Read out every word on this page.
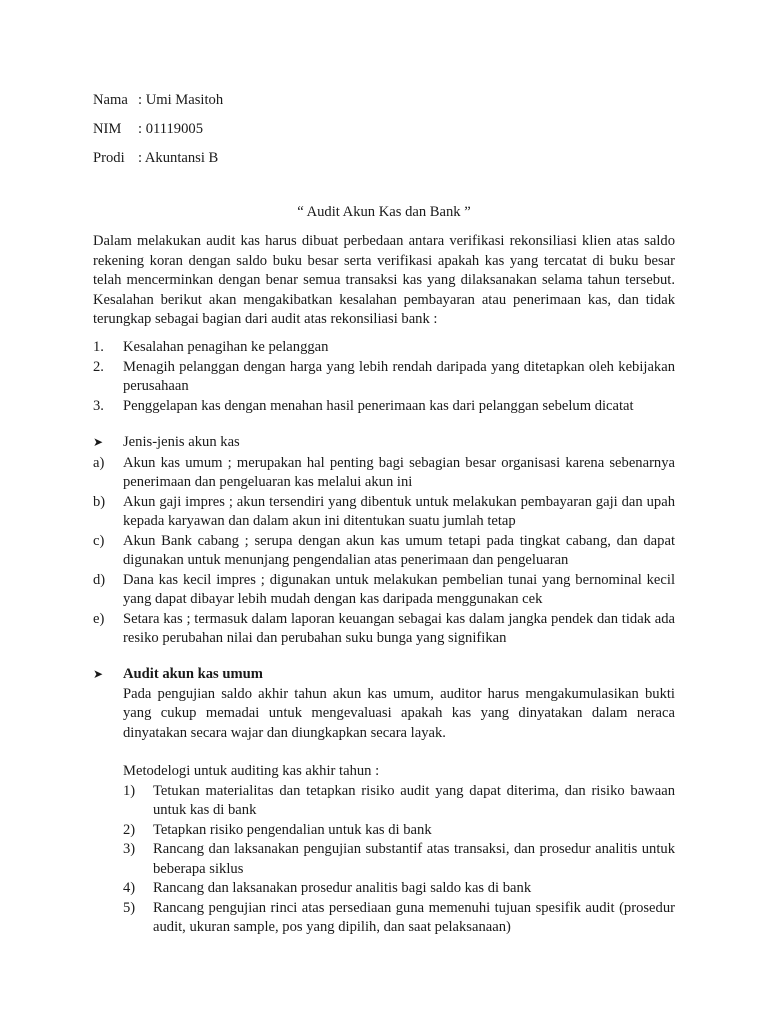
Nama : Umi Masitoh
NIM	: 01119005
Prodi : Akuntansi B
“ Audit Akun Kas dan Bank ”

Dalam melakukan audit kas harus dibuat perbedaan antara verifikasi rekonsiliasi klien atas saldo rekening koran dengan saldo buku besar serta verifikasi apakah kas yang tercatat di buku besar telah mencerminkan dengan benar semua transaksi kas yang dilaksanakan selama tahun tersebut. Kesalahan berikut akan mengakibatkan kesalahan pembayaran atau penerimaan kas, dan tidak terungkap sebagai bagian dari audit atas rekonsiliasi bank :

1.	Kesalahan penagihan ke pelanggan
2.	Menagih pelanggan dengan harga yang lebih rendah daripada yang ditetapkan oleh kebijakan perusahaan
3.	Penggelapan kas dengan menahan hasil penerimaan kas dari pelanggan sebelum dicatat
➤	Jenis-jenis akun kas
a)	Akun kas umum ; merupakan hal penting bagi sebagian besar organisasi karena sebenarnya penerimaan dan pengeluaran kas melalui akun ini
b)	Akun gaji impres ; akun tersendiri yang dibentuk untuk melakukan pembayaran gaji dan upah kepada karyawan dan dalam akun ini ditentukan suatu jumlah tetap
c)	Akun Bank cabang ; serupa dengan akun kas umum tetapi pada tingkat cabang, dan dapat digunakan untuk menunjang pengendalian atas penerimaan dan pengeluaran
d)	Dana kas kecil impres ; digunakan untuk melakukan pembelian tunai yang bernominal kecil yang dapat dibayar lebih mudah dengan kas daripada menggunakan cek
e)	Setara kas ; termasuk dalam laporan keuangan sebagai kas dalam jangka pendek dan tidak ada resiko perubahan nilai dan perubahan suku bunga yang signifikan
➤	Audit akun kas umum
Pada pengujian saldo akhir tahun akun kas umum, auditor harus mengakumulasikan bukti yang cukup memadai untuk mengevaluasi apakah kas yang dinyatakan dalam neraca dinyatakan secara wajar dan diungkapkan secara layak.
Metodelogi untuk auditing kas akhir tahun :
1)	Tetukan materialitas dan tetapkan risiko audit yang dapat diterima, dan risiko bawaan untuk kas di bank
2)	Tetapkan risiko pengendalian untuk kas di bank
3)	Rancang dan laksanakan pengujian substantif atas transaksi, dan prosedur analitis untuk beberapa siklus
4)	Rancang dan laksanakan prosedur analitis bagi saldo kas di bank
5)	Rancang pengujian rinci atas persediaan guna memenuhi tujuan spesifik audit (prosedur audit, ukuran sample, pos yang dipilih, dan saat pelaksanaan)
